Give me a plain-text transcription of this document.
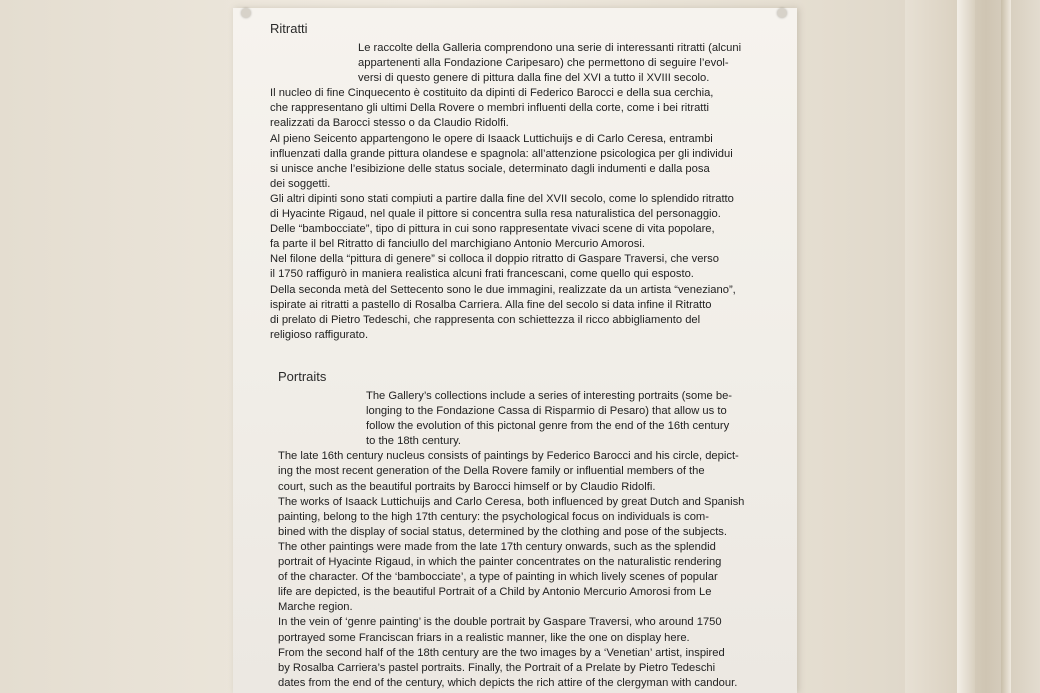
Ritratti
Le raccolte della Galleria comprendono una serie di interessanti ritratti (alcuni
appartenenti alla Fondazione Caripesaro) che permettono di seguire l’evol-
versi di questo genere di pittura dalla fine del XVI a tutto il XVIII secolo.
Il nucleo di fine Cinquecento è costituito da dipinti di Federico Barocci e della sua cerchia,
che rappresentano gli ultimi Della Rovere o membri influenti della corte, come i bei ritratti
realizzati da Barocci stesso o da Claudio Ridolfi.
Al pieno Seicento appartengono le opere di Isaack Luttichuijs e di Carlo Ceresa, entrambi
influenzati dalla grande pittura olandese e spagnola: all’attenzione psicologica per gli individui
si unisce anche l’esibizione delle status sociale, determinato dagli indumenti e dalla posa
dei soggetti.
Gli altri dipinti sono stati compiuti a partire dalla fine del XVII secolo, come lo splendido ritratto
di Hyacinte Rigaud, nel quale il pittore si concentra sulla resa naturalistica del personaggio.
Delle “bambocciate”, tipo di pittura in cui sono rappresentate vivaci scene di vita popolare,
fa parte il bel Ritratto di fanciullo del marchigiano Antonio Mercurio Amorosi.
Nel filone della “pittura di genere” si colloca il doppio ritratto di Gaspare Traversi, che verso
il 1750 raffigurò in maniera realistica alcuni frati francescani, come quello qui esposto.
Della seconda metà del Settecento sono le due immagini, realizzate da un artista “veneziano”,
ispirate ai ritratti a pastello di Rosalba Carriera. Alla fine del secolo si data infine il Ritratto
di prelato di Pietro Tedeschi, che rappresenta con schiettezza il ricco abbigliamento del
religioso raffigurato.
Portraits
The Gallery’s collections include a series of interesting portraits (some be-
longing to the Fondazione Cassa di Risparmio di Pesaro) that allow us to
follow the evolution of this pictonal genre from the end of the 16th century
to the 18th century.
The late 16th century nucleus consists of paintings by Federico Barocci and his circle, depict-
ing the most recent generation of the Della Rovere family or influential members of the
court, such as the beautiful portraits by Barocci himself or by Claudio Ridolfi.
The works of Isaack Luttichuijs and Carlo Ceresa, both influenced by great Dutch and Spanish
painting, belong to the high 17th century: the psychological focus on individuals is com-
bined with the display of social status, determined by the clothing and pose of the subjects.
The other paintings were made from the late 17th century onwards, such as the splendid
portrait of Hyacinte Rigaud, in which the painter concentrates on the naturalistic rendering
of the character. Of the ‘bambocciate’, a type of painting in which lively scenes of popular
life are depicted, is the beautiful Portrait of a Child by Antonio Mercurio Amorosi from Le
Marche region.
In the vein of ‘genre painting’ is the double portrait by Gaspare Traversi, who around 1750
portrayed some Franciscan friars in a realistic manner, like the one on display here.
From the second half of the 18th century are the two images by a ‘Venetian’ artist, inspired
by Rosalba Carriera’s pastel portraits. Finally, the Portrait of a Prelate by Pietro Tedeschi
dates from the end of the century, which depicts the rich attire of the clergyman with candour.
